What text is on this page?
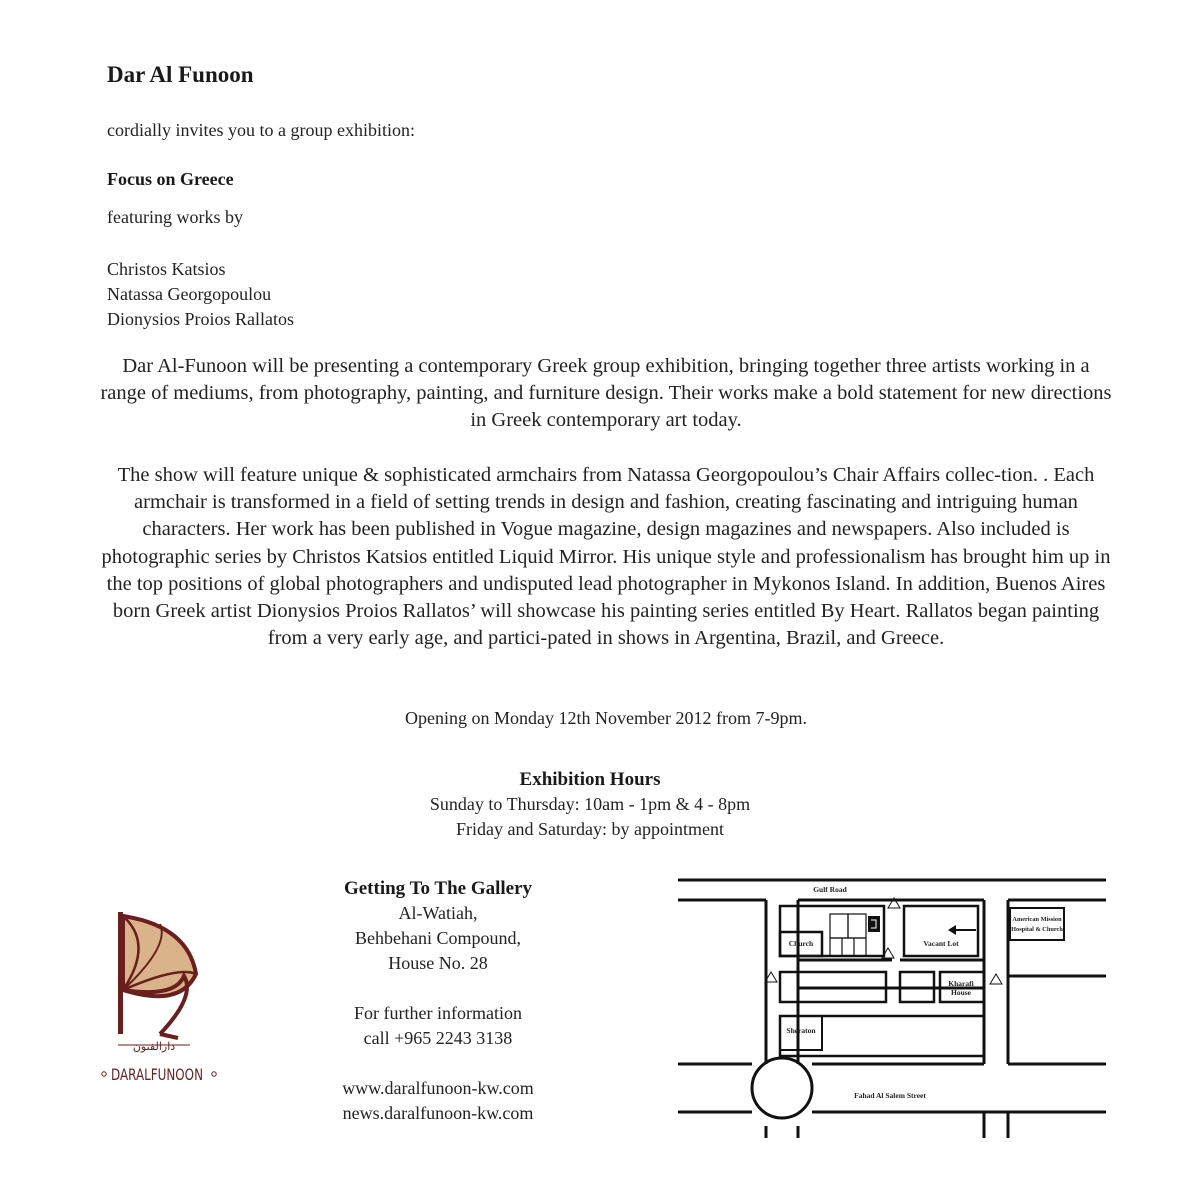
Dar Al Funoon
cordially invites you to a group exhibition:
Focus on Greece
featuring works by
Christos Katsios
Natassa Georgopoulou
Dionysios Proios Rallatos
Dar Al-Funoon will be presenting a contemporary Greek group exhibition, bringing together three artists working in a range of mediums, from photography, painting, and furniture design. Their works make a bold statement for new directions in Greek contemporary art today.
The show will feature unique & sophisticated armchairs from Natassa Georgopoulou’s Chair Affairs collec-tion. . Each armchair is transformed in a field of setting trends in design and fashion, creating fascinating and intriguing human characters. Her work has been published in Vogue magazine, design magazines and newspapers. Also included is photographic series by Christos Katsios entitled Liquid Mirror. His unique style and professionalism has brought him up in the top positions of global photographers and undisputed lead photographer in Mykonos Island. In addition, Buenos Aires born Greek artist Dionysios Proios Rallatos’ will showcase his painting series entitled By Heart. Rallatos began painting from a very early age, and partici-pated in shows in Argentina, Brazil, and Greece.
Opening on Monday 12th November 2012 from 7-9pm.
Exhibition Hours
Sunday to Thursday: 10am - 1pm & 4 - 8pm
Friday and Saturday: by appointment
Getting To The Gallery
Al-Watiah,
Behbehani Compound,
House No. 28
For further information
call +965 2243 3138
www.daralfunoon-kw.com
news.daralfunoon-kw.com
دارالفنون
DARALFUNOON
Gulf Road
Church	Vacant Lot
American Mission
Hospital & Church
Kharafi
House
Sheraton
Fahad Al Salem Street
